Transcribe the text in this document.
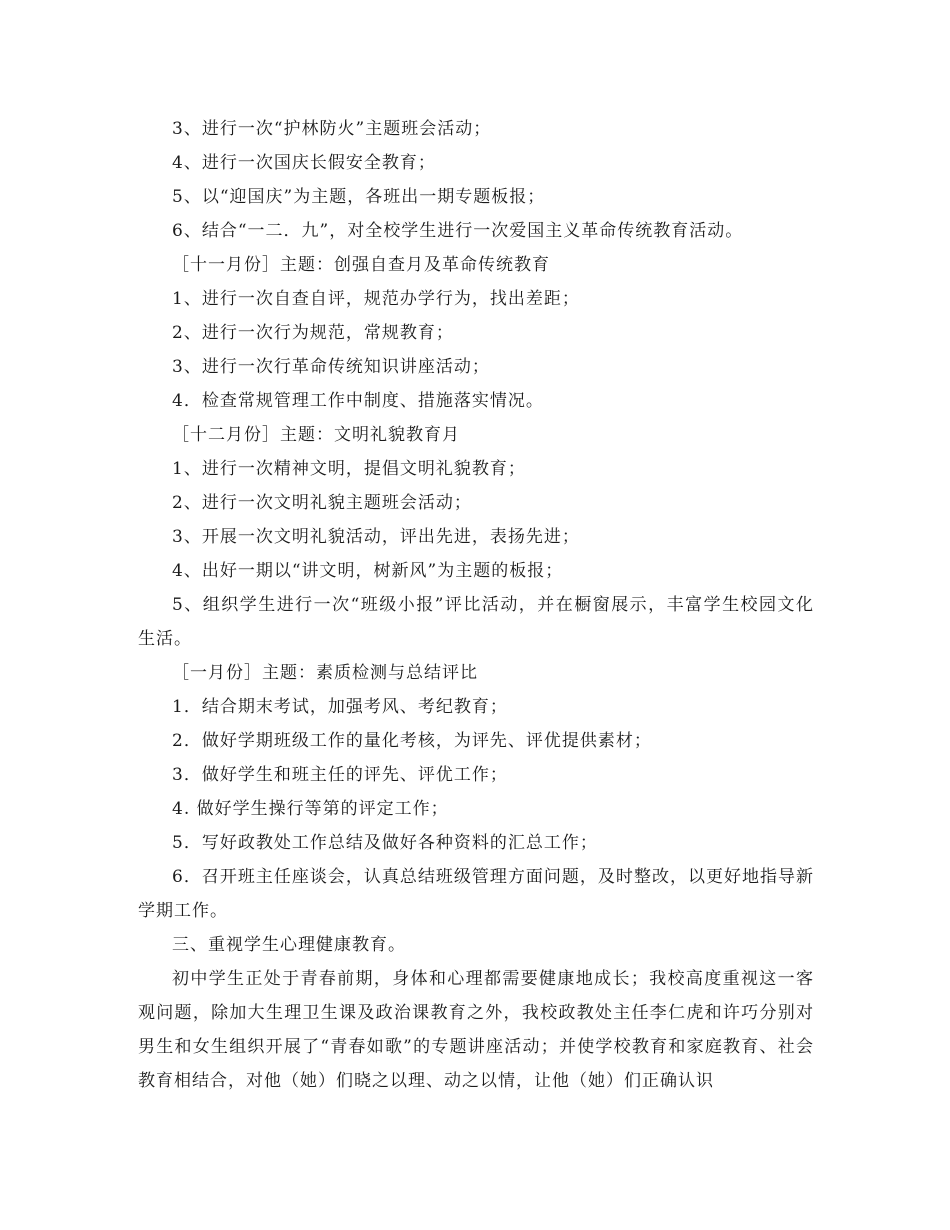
3、进行一次“护林防火”主题班会活动；

4、进行一次国庆长假安全教育；

5、以“迎国庆”为主题，各班出一期专题板报；

6、结合“一二．九”，对全校学生进行一次爱国主义革命传统教育活动。

［十一月份］主题：创强自查月及革命传统教育

1、进行一次自查自评，规范办学行为，找出差距；

2、进行一次行为规范，常规教育；

3、进行一次行革命传统知识讲座活动；

4．检查常规管理工作中制度、措施落实情况。

［十二月份］主题：文明礼貌教育月

1、进行一次精神文明，提倡文明礼貌教育；

2、进行一次文明礼貌主题班会活动；

3、开展一次文明礼貌活动，评出先进，表扬先进；

4、出好一期以“讲文明，树新风”为主题的板报；

5、组织学生进行一次“班级小报”评比活动，并在橱窗展示，丰富学生校园文化生活。

［一月份］主题：素质检测与总结评比

1．结合期末考试，加强考风、考纪教育；

2．做好学期班级工作的量化考核，为评先、评优提供素材；

3．做好学生和班主任的评先、评优工作；

4. 做好学生操行等第的评定工作；

5．写好政教处工作总结及做好各种资料的汇总工作；

6．召开班主任座谈会，认真总结班级管理方面问题，及时整改，以更好地指导新学期工作。

三、重视学生心理健康教育。

初中学生正处于青春前期，身体和心理都需要健康地成长；我校高度重视这一客观问题，除加大生理卫生课及政治课教育之外，我校政教处主任李仁虎和许巧分别对男生和女生组织开展了“青春如歌”的专题讲座活动；并使学校教育和家庭教育、社会教育相结合，对他（她）们晓之以理、动之以情，让他（她）们正确认识
